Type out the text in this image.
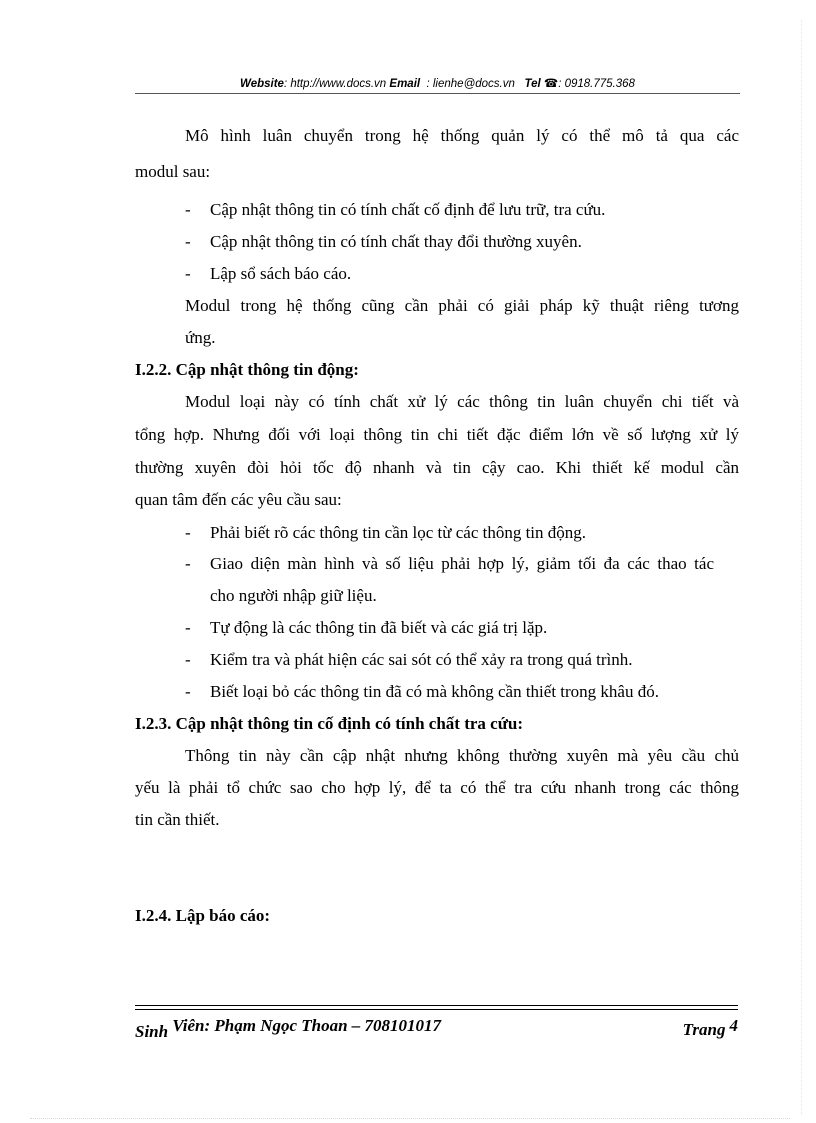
Website: http://www.docs.vn Email : lienhe@docs.vn Tel ☎: 0918.775.368
Mô hình luân chuyển trong hệ thống quản lý có thể mô tả qua các
modul sau:
- Cập nhật thông tin có tính chất cố định để lưu trữ, tra cứu.
- Cập nhật thông tin có tính chất thay đổi thường xuyên.
- Lập sổ sách báo cáo.
Modul trong hệ thống cũng cần phải có giải pháp kỹ thuật riêng tương
ứng.
I.2.2. Cập nhật thông tin động:
Modul loại này có tính chất xử lý các thông tin luân chuyển chi tiết và
tổng hợp. Nhưng đối với loại thông tin chi tiết đặc điểm lớn về số lượng xử lý
thường xuyên đòi hỏi tốc độ nhanh và tin cậy cao. Khi thiết kế modul cần
quan tâm đến các yêu cầu sau:
- Phải biết rõ các thông tin cần lọc từ các thông tin động.
- Giao diện màn hình và số liệu phải hợp lý, giảm tối đa các thao tác
cho người nhập giữ liệu.
- Tự động là các thông tin đã biết và các giá trị lặp.
- Kiểm tra và phát hiện các sai sót có thể xảy ra trong quá trình.
- Biết loại bỏ các thông tin đã có mà không cần thiết trong khâu đó.
I.2.3. Cập nhật thông tin cố định có tính chất tra cứu:
Thông tin này cần cập nhật nhưng không thường xuyên mà yêu cầu chủ
yếu là phải tổ chức sao cho hợp lý, để ta có thể tra cứu nhanh trong các thông
tin cần thiết.
I.2.4. Lập báo cáo:
Sinh Viên: Phạm Ngọc Thoan – 708101017	Trang 4
